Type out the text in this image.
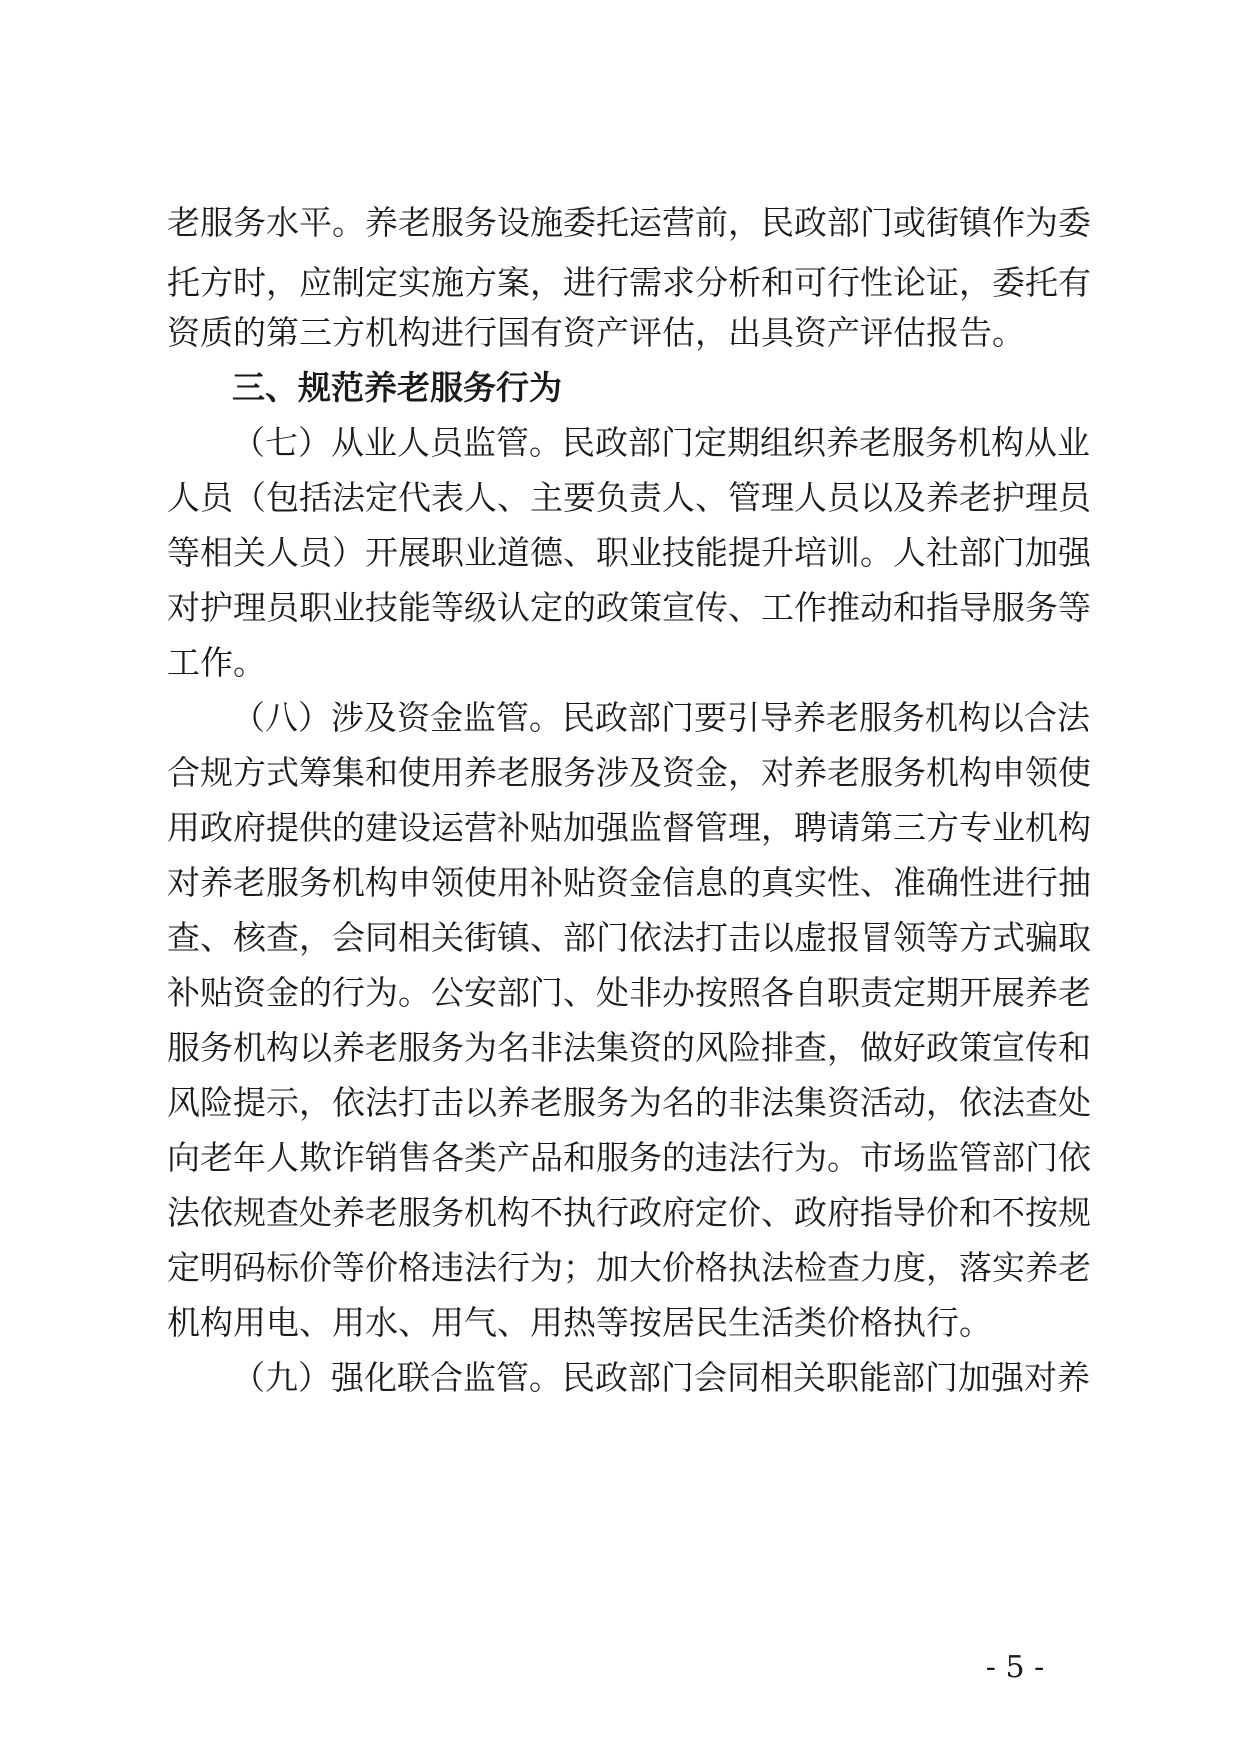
老服务水平。养老服务设施委托运营前，民政部门或街镇作为委
托方时，应制定实施方案，进行需求分析和可行性论证，委托有
资质的第三方机构进行国有资产评估，出具资产评估报告。
三、规范养老服务行为
（七）从业人员监管。民政部门定期组织养老服务机构从业
人员（包括法定代表人、主要负责人、管理人员以及养老护理员
等相关人员）开展职业道德、职业技能提升培训。人社部门加强
对护理员职业技能等级认定的政策宣传、工作推动和指导服务等
工作。
（八）涉及资金监管。民政部门要引导养老服务机构以合法
合规方式筹集和使用养老服务涉及资金，对养老服务机构申领使
用政府提供的建设运营补贴加强监督管理，聘请第三方专业机构
对养老服务机构申领使用补贴资金信息的真实性、准确性进行抽
查、核查，会同相关街镇、部门依法打击以虚报冒领等方式骗取
补贴资金的行为。公安部门、处非办按照各自职责定期开展养老
服务机构以养老服务为名非法集资的风险排查，做好政策宣传和
风险提示，依法打击以养老服务为名的非法集资活动，依法查处
向老年人欺诈销售各类产品和服务的违法行为。市场监管部门依
法依规查处养老服务机构不执行政府定价、政府指导价和不按规
定明码标价等价格违法行为；加大价格执法检查力度，落实养老
机构用电、用水、用气、用热等按居民生活类价格执行。
（九）强化联合监管。民政部门会同相关职能部门加强对养
- 5 -
